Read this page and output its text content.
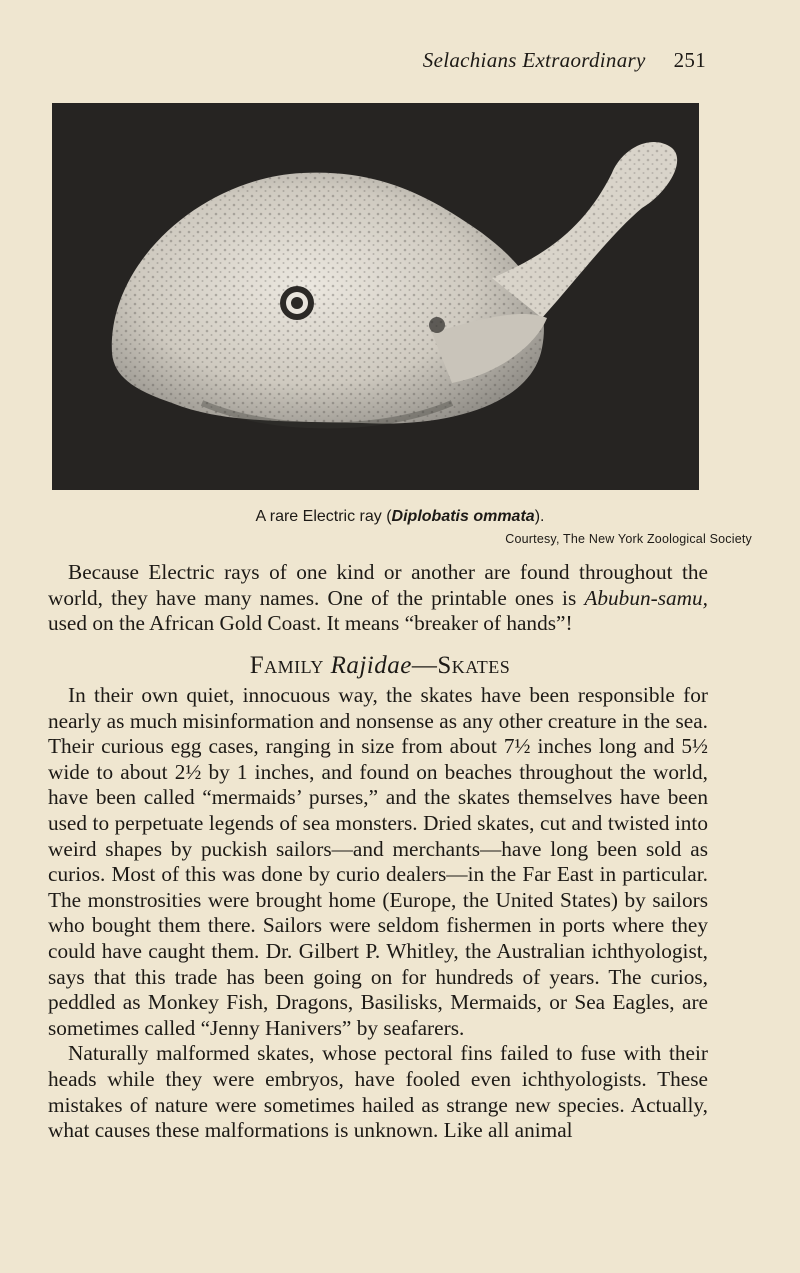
Selachians Extraordinary 251
A rare Electric ray (Diplobatis ommata).
Courtesy, The New York Zoological Society

Because Electric rays of one kind or another are found throughout the world, they have many names. One of the printable ones is Abubun-samu, used on the African Gold Coast. It means “breaker of hands”!

Family Rajidae—Skates

In their own quiet, innocuous way, the skates have been responsible for nearly as much misinformation and nonsense as any other creature in the sea. Their curious egg cases, ranging in size from about 7½ inches long and 5½ wide to about 2½ by 1 inches, and found on beaches throughout the world, have been called “mermaids’ purses,” and the skates themselves have been used to perpetuate legends of sea monsters. Dried skates, cut and twisted into weird shapes by puckish sailors—and merchants—have long been sold as curios. Most of this was done by curio dealers—in the Far East in particular. The monstrosities were brought home (Europe, the United States) by sailors who bought them there. Sailors were seldom fishermen in ports where they could have caught them. Dr. Gilbert P. Whitley, the Australian ichthyologist, says that this trade has been going on for hundreds of years. The curios, peddled as Monkey Fish, Dragons, Basilisks, Mermaids, or Sea Eagles, are sometimes called “Jenny Hanivers” by seafarers.

Naturally malformed skates, whose pectoral fins failed to fuse with their heads while they were embryos, have fooled even ichthyologists. These mistakes of nature were sometimes hailed as strange new species. Actually, what causes these malformations is unknown. Like all animal
